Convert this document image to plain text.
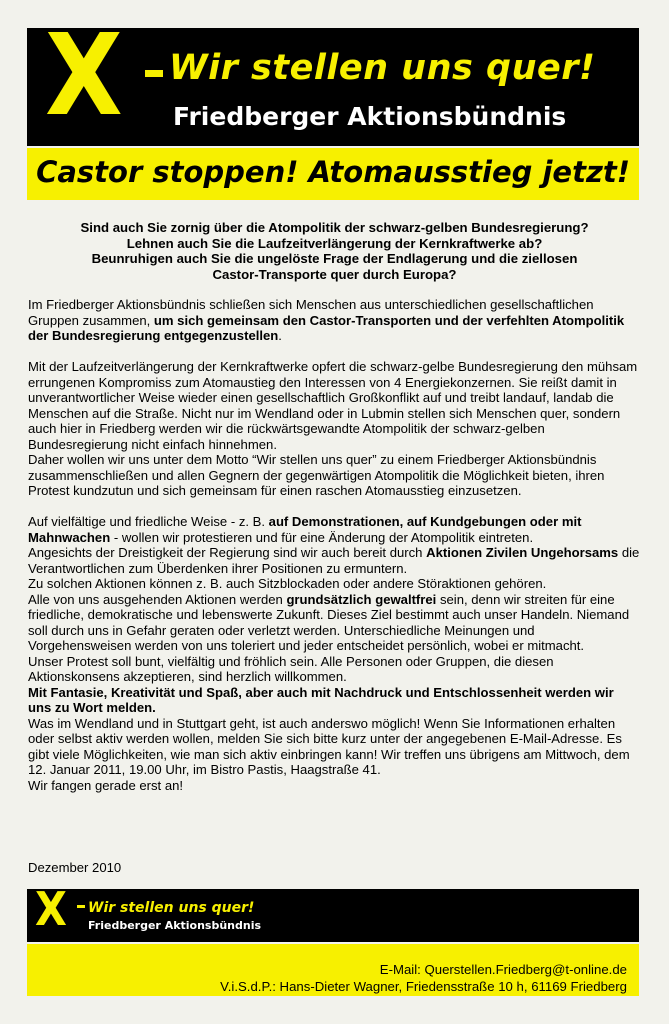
X Wir stellen uns quer!
Friedberger Aktionsbündnis
Castor stoppen! Atomausstieg jetzt!
Sind auch Sie zornig über die Atompolitik der schwarz-gelben Bundesregierung?
Lehnen auch Sie die Laufzeitverlängerung der Kernkraftwerke ab?
Beunruhigen auch Sie die ungelöste Frage der Endlagerung und die ziellosen
Castor-Transporte quer durch Europa?

Im Friedberger Aktionsbündnis schließen sich Menschen aus unterschiedlichen gesellschaftlichen Gruppen zusammen, um sich gemeinsam den Castor-Transporten und der verfehlten Atompolitik der Bundesregierung entgegenzustellen.

Mit der Laufzeitverlängerung der Kernkraftwerke opfert die schwarz-gelbe Bundesregierung den mühsam errungenen Kompromiss zum Atomaustieg den Interessen von 4 Energiekonzernen. Sie reißt damit in unverantwortlicher Weise wieder einen gesellschaftlich Großkonflikt auf und treibt landauf, landab die Menschen auf die Straße. Nicht nur im Wendland oder in Lubmin stellen sich Menschen quer, sondern auch hier in Friedberg werden wir die rückwärtsgewandte Atompolitik der schwarz-gelben Bundesregierung nicht einfach hinnehmen.
Daher wollen wir uns unter dem Motto “Wir stellen uns quer” zu einem Friedberger Aktionsbündnis zusammenschließen und allen Gegnern der gegenwärtigen Atompolitik die Möglichkeit bieten, ihren Protest kundzutun und sich gemeinsam für einen raschen Atomausstieg einzusetzen.
Auf vielfältige und friedliche Weise - z. B. auf Demonstrationen, auf Kundgebungen oder mit Mahnwachen - wollen wir protestieren und für eine Änderung der Atompolitik eintreten.
Angesichts der Dreistigkeit der Regierung sind wir auch bereit durch Aktionen Zivilen Ungehorsams die Verantwortlichen zum Überdenken ihrer Positionen zu ermuntern.
Zu solchen Aktionen können z. B. auch Sitzblockaden oder andere Störaktionen gehören.
Alle von uns ausgehenden Aktionen werden grundsätzlich gewaltfrei sein, denn wir streiten für eine friedliche, demokratische und lebenswerte Zukunft. Dieses Ziel bestimmt auch unser Handeln. Niemand soll durch uns in Gefahr geraten oder verletzt werden. Unterschiedliche Meinungen und Vorgehensweisen werden von uns toleriert und jeder entscheidet persönlich, wobei er mitmacht.
Unser Protest soll bunt, vielfältig und fröhlich sein. Alle Personen oder Gruppen, die diesen Aktionskonsens akzeptieren, sind herzlich willkommen.
Mit Fantasie, Kreativität und Spaß, aber auch mit Nachdruck und Entschlossenheit werden wir uns zu Wort melden.
Was im Wendland und in Stuttgart geht, ist auch anderswo möglich! Wenn Sie Informationen erhalten oder selbst aktiv werden wollen, melden Sie sich bitte kurz unter der angegebenen E-Mail-Adresse. Es gibt viele Möglichkeiten, wie man sich aktiv einbringen kann! Wir treffen uns übrigens am Mittwoch, dem 12. Januar 2011, 19.00 Uhr, im Bistro Pastis, Haagstraße 41.
Wir fangen gerade erst an!
Dezember 2010
X Wir stellen uns quer!
Friedberger Aktionsbündnis
E-Mail: Querstellen.Friedberg@t-online.de
V.i.S.d.P.: Hans-Dieter Wagner, Friedensstraße 10 h, 61169 Friedberg
